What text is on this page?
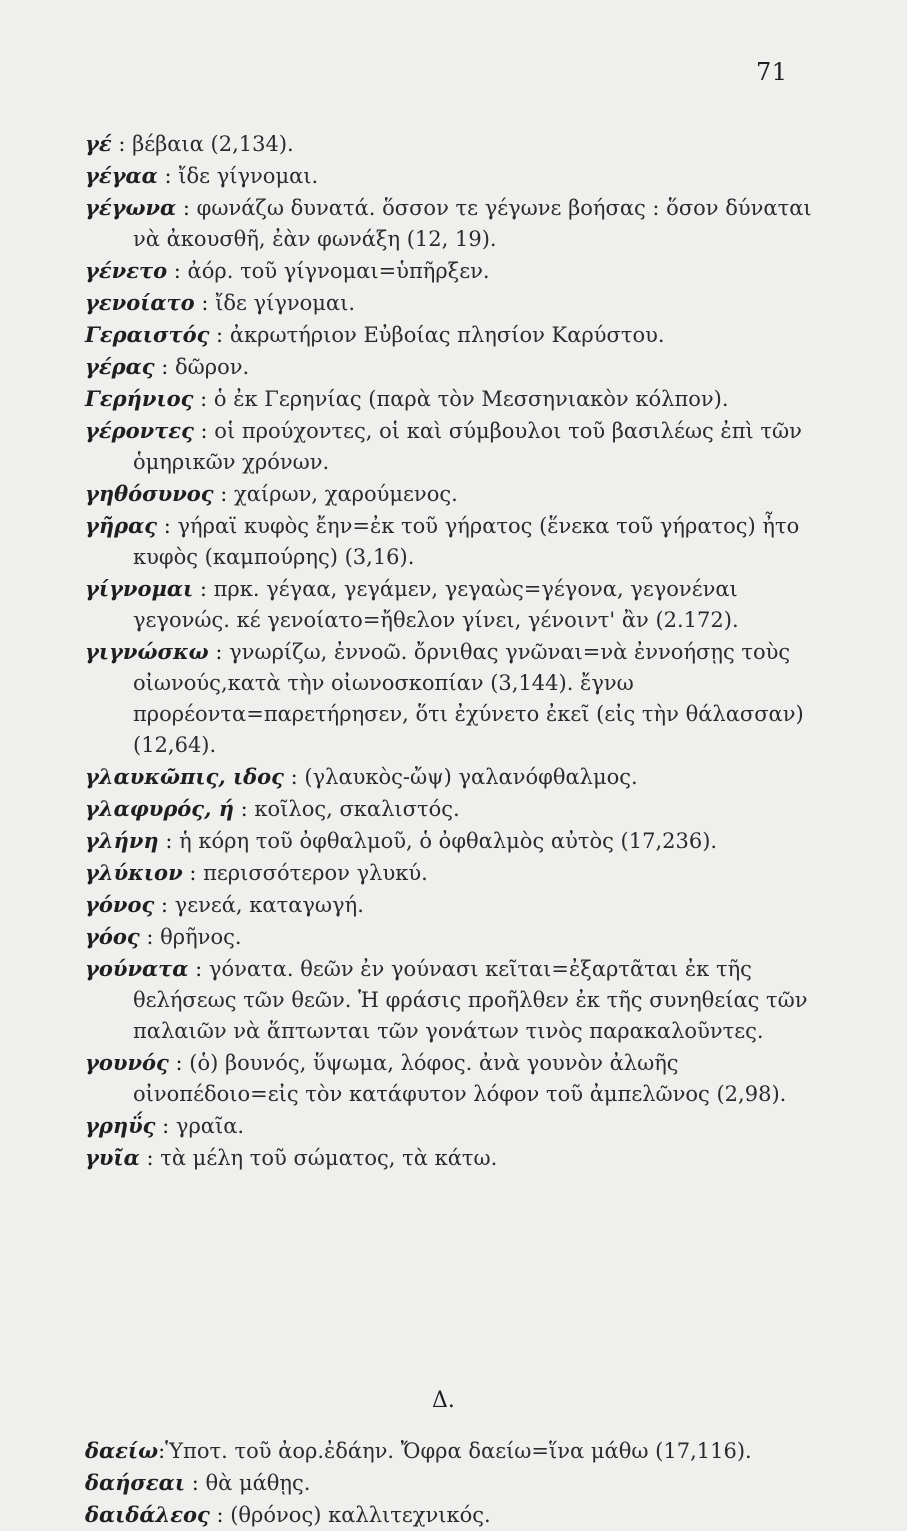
71

γέ : βέβαια (2,134).

γέγαα : ἴδε γίγνομαι.

γέγωνα : φωνάζω δυνατά. ὅσσον τε γέγωνε βοήσας : ὅσον δύναται νὰ ἀκουσθῆ, ἐὰν φωνάξη (12, 19).

γένετο : ἀόρ. τοῦ γίγνομαι=ὑπῆρξεν.

γενοίατο : ἴδε γίγνομαι.

Γεραιστός : ἀκρωτήριον Εὐβοίας πλησίον Καρύστου.

γέρας : δῶρον.

Γερήνιος : ὁ ἐκ Γερηνίας (παρὰ τὸν Μεσσηνιακὸν κόλπον).

γέροντες : οἱ προύχοντες, οἱ καὶ σύμβουλοι τοῦ βασιλέως ἐπὶ τῶν ὁμηρικῶν χρόνων.

γηθόσυνος : χαίρων, χαρούμενος.

γῆρας : γήραϊ κυφὸς ἔην=ἐκ τοῦ γήρατος (ἕνεκα τοῦ γήρατος) ἦτο κυφὸς (καμπούρης) (3,16).

γίγνομαι : πρκ. γέγαα, γεγάμεν, γεγαὼς=γέγονα, γεγονέναι γεγονώς. κέ γενοίατο=ἤθελον γίνει, γένοιντ' ἂν (2.172).

γιγνώσκω : γνωρίζω, ἐννοῶ. ὄρνιθας γνῶναι=νὰ ἐννοήσῃς τοὺς οἰωνούς,κατὰ τὴν οἰωνοσκοπίαν (3,144). ἔγνω προρέοντα=παρετήρησεν, ὅτι ἐχύνετο ἐκεῖ (εἰς τὴν θάλασσαν) (12,64).

γλαυκῶπις, ιδος : (γλαυκὸς-ὤψ) γαλανόφθαλμος.

γλαφυρός, ή : κοῖλος, σκαλιστός.

γλήνη : ἡ κόρη τοῦ ὀφθαλμοῦ, ὁ ὀφθαλμὸς αὐτὸς (17,236).

γλύκιον : περισσότερον γλυκύ.

γόνος : γενεά, καταγωγή.

γόος : θρῆνος.

γούνατα : γόνατα. θεῶν ἐν γούνασι κεῖται=ἐξαρτᾶται ἐκ τῆς θελήσεως τῶν θεῶν. Ἡ φράσις προῆλθεν ἐκ τῆς συνηθείας τῶν παλαιῶν νὰ ἅπτωνται τῶν γονάτων τινὸς παρακαλοῦντες.

γουνός : (ὁ) βουνός, ὕψωμα, λόφος. ἀνὰ γουνὸν ἀλωῆς οἰνοπέδοιο=εἰς τὸν κατάφυτον λόφον τοῦ ἀμπελῶνος (2,98).

γρηΰς : γραῖα.

γυῖα : τὰ μέλη τοῦ σώματος, τὰ κάτω.

Δ.

δαείω:Ὑποτ. τοῦ ἀορ.ἐδάην. Ὄφρα δαείω=ἵνα μάθω (17,116).

δαήσεαι : θὰ μάθῃς.

δαιδάλεος : (θρόνος) καλλιτεχνικός.
